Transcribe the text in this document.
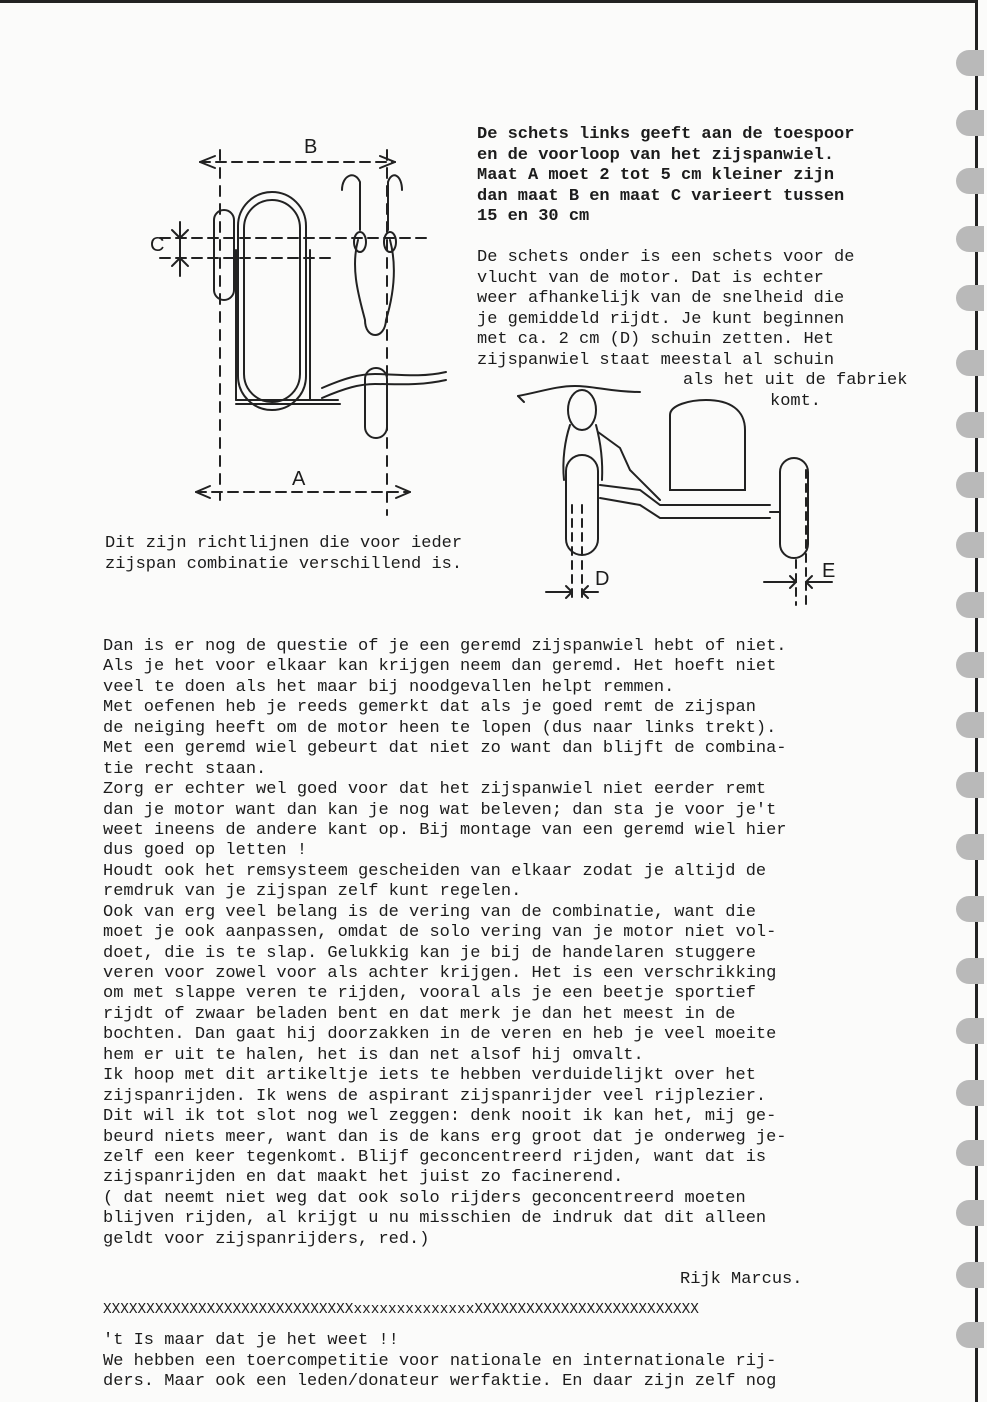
B
C
A
D	E
De schets links geeft aan de toespoor
en de voorloop van het zijspanwiel.
Maat A moet 2 tot 5 cm kleiner zijn
dan maat B en maat C varieert tussen
15 en 30 cm
De schets onder is een schets voor de
vlucht van de motor. Dat is echter
weer afhankelijk van de snelheid die
je gemiddeld rijdt. Je kunt beginnen
met ca. 2 cm (D) schuin zetten. Het
zijspanwiel staat meestal al schuin
als het uit de fabriek
komt.
Dit zijn richtlijnen die voor ieder
zijspan combinatie verschillend is.
Dan is er nog de questie of je een geremd zijspanwiel hebt of niet.
Als je het voor elkaar kan krijgen neem dan geremd. Het hoeft niet
veel te doen als het maar bij noodgevallen helpt remmen.
Met oefenen heb je reeds gemerkt dat als je goed remt de zijspan
de neiging heeft om de motor heen te lopen (dus naar links trekt).
Met een geremd wiel gebeurt dat niet zo want dan blijft de combina-
tie recht staan.
Zorg er echter wel goed voor dat het zijspanwiel niet eerder remt
dan je motor want dan kan je nog wat beleven; dan sta je voor je't
weet ineens de andere kant op. Bij montage van een geremd wiel hier
dus goed op letten !
Houdt ook het remsysteem gescheiden van elkaar zodat je altijd de
remdruk van je zijspan zelf kunt regelen.
Ook van erg veel belang is de vering van de combinatie, want die
moet je ook aanpassen, omdat de solo vering van je motor niet vol-
doet, die is te slap. Gelukkig kan je bij de handelaren stuggere
veren voor zowel voor als achter krijgen. Het is een verschrikking
om met slappe veren te rijden, vooral als je een beetje sportief
rijdt of zwaar beladen bent en dat merk je dan het meest in de
bochten. Dan gaat hij doorzakken in de veren en heb je veel moeite
hem er uit te halen, het is dan net alsof hij omvalt.
Ik hoop met dit artikeltje iets te hebben verduidelijkt over het
zijspanrijden. Ik wens de aspirant zijspanrijder veel rijplezier.
Dit wil ik tot slot nog wel zeggen: denk nooit ik kan het, mij ge-
beurd niets meer, want dan is de kans erg groot dat je onderweg je-
zelf een keer tegenkomt. Blijf geconcentreerd rijden, want dat is
zijspanrijden en dat maakt het juist zo facinerend.
( dat neemt niet weg dat ook solo rijders geconcentreerd moeten
blijven rijden, al krijgt u nu misschien de indruk dat dit alleen
geldt voor zijspanrijders, red.)
Rijk Marcus.
XXXXXXXXXXXXXXXXXXXXXXXXXXXXXxxxxxxxxxxxxxxXXXXXXXXXXXXXXXXXXXXXXXXXX
't Is maar dat je het weet !!
We hebben een toercompetitie voor nationale en internationale rij-
ders. Maar ook een leden/donateur werfaktie. En daar zijn zelf nog
